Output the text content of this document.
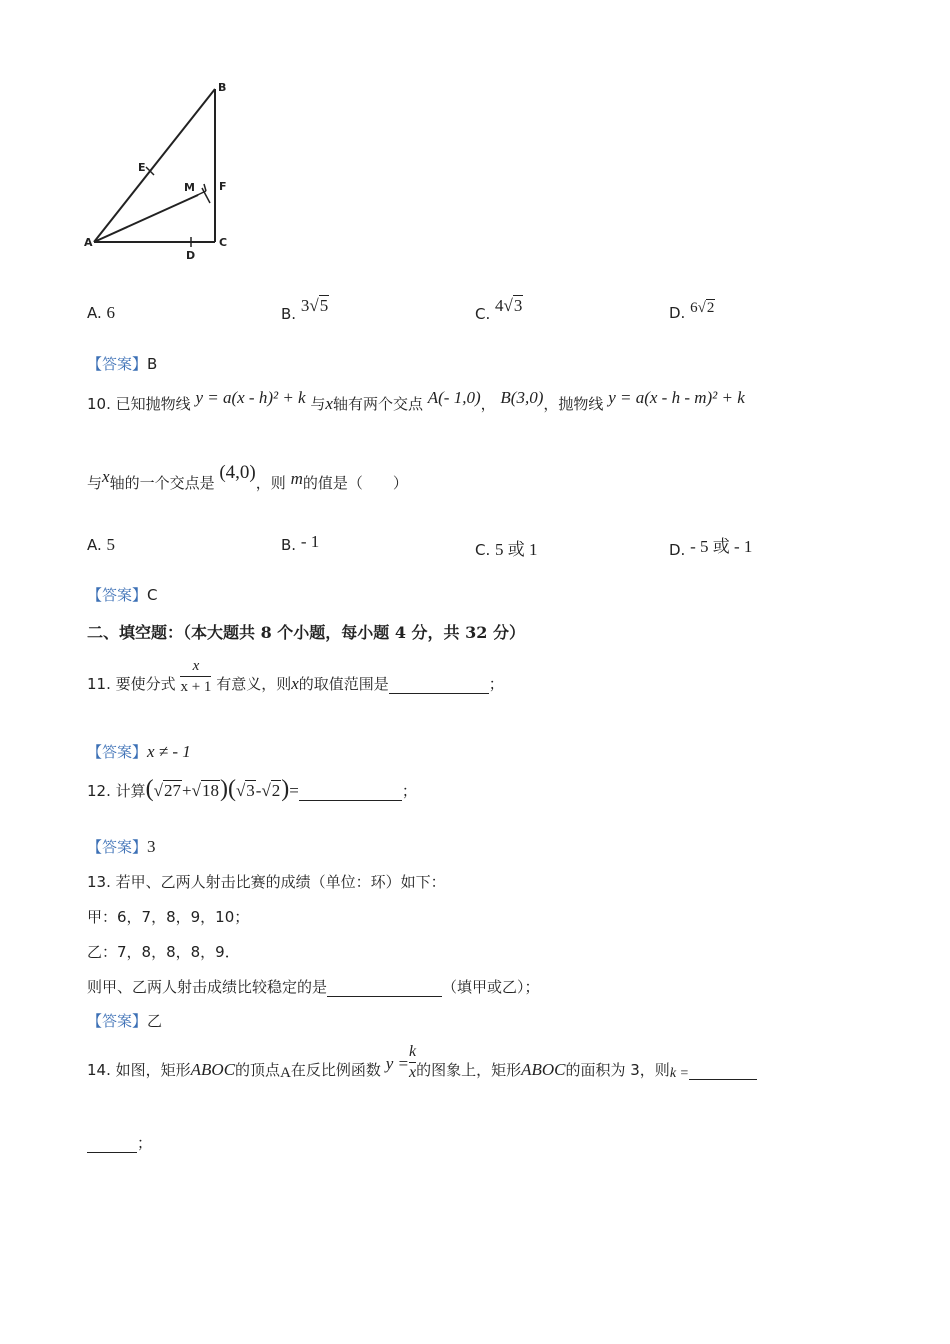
B
E
M F
A	C
D
A. 6	B. 3√5	C. 4√3	D. 6√2
【答案】B
10. 已知抛物线 y = a(x - h)² + k 与x轴有两个交点 A(- 1,0)， B(3,0)，抛物线 y = a(x - h - m)² + k
与x轴的一个交点是 (4,0)，则 m的值是（　　）
A. 5	B. - 1	C. 5 或 1	D. - 5 或 - 1
【答案】C
二、填空题：（本大题共 8 个小题，每小题 4 分，共 32 分）
11. 要使分式 $\frac{x}{x + 1}$ 有意义，则x的取值范围是	；
【答案】x ≠ - 1
12. 计算(√27+√18)(√3-√2)=	；
【答案】3
13. 若甲、乙两人射击比赛的成绩（单位：环）如下：
甲：6，7，8，9，10；
乙：7，8，8，8，9．
则甲、乙两人射击成绩比较稳定的是	（填甲或乙）；
【答案】乙
14. 如图，矩形ABOC的顶点A在反比例函数 $y = \frac{k}{x}$ 的图象上，矩形ABOC的面积为 3，则k =
；
